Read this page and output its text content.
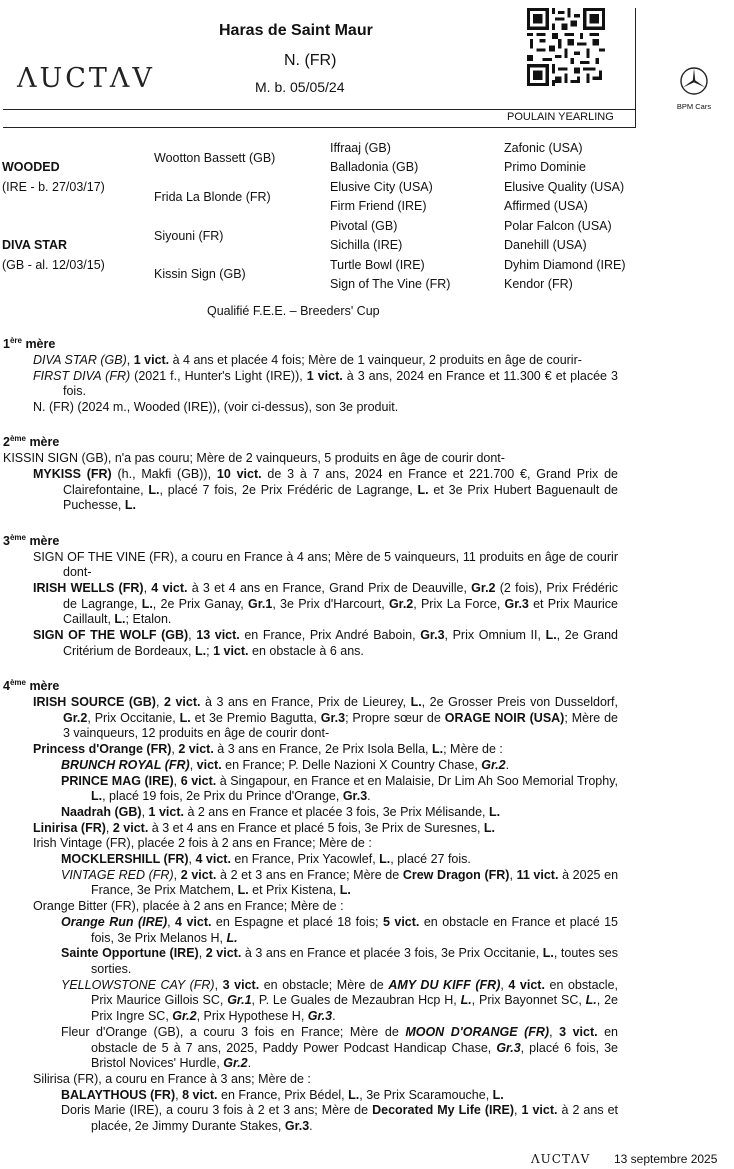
Haras de Saint Maur
N. (FR)
M. b. 05/05/24
ΛUCTΛV
POULAIN YEARLING
BPM Cars
WOODED
(IRE - b. 27/03/17)
DIVA STAR
(GB - al. 12/03/15)
Wootton Bassett (GB)
Frida La Blonde (FR)
Siyouni (FR)
Kissin Sign (GB)
Iffraaj (GB)
Balladonia (GB)
Elusive City (USA)
Firm Friend (IRE)
Pivotal (GB)
Sichilla (IRE)
Turtle Bowl (IRE)
Sign of The Vine (FR)
Zafonic (USA)
Primo Dominie
Elusive Quality (USA)
Affirmed (USA)
Polar Falcon (USA)
Danehill (USA)
Dyhim Diamond (IRE)
Kendor (FR)
Qualifié F.E.E. – Breeders' Cup
1ère mère

DIVA STAR (GB), 1 vict. à 4 ans et placée 4 fois; Mère de 1 vainqueur, 2 produits en âge de courir-

FIRST DIVA (FR) (2021 f., Hunter's Light (IRE)), 1 vict. à 3 ans, 2024 en France et 11.300 € et placée 3 fois.

N. (FR) (2024 m., Wooded (IRE)), (voir ci-dessus), son 3e produit.

2ème mère

KISSIN SIGN (GB), n'a pas couru; Mère de 2 vainqueurs, 5 produits en âge de courir dont-

MYKISS (FR) (h., Makfi (GB)), 10 vict. de 3 à 7 ans, 2024 en France et 221.700 €, Grand Prix de Clairefontaine, L., placé 7 fois, 2e Prix Frédéric de Lagrange, L. et 3e Prix Hubert Baguenault de Puchesse, L.

3ème mère

SIGN OF THE VINE (FR), a couru en France à 4 ans; Mère de 5 vainqueurs, 11 produits en âge de courir dont-

IRISH WELLS (FR), 4 vict. à 3 et 4 ans en France, Grand Prix de Deauville, Gr.2 (2 fois), Prix Frédéric de Lagrange, L., 2e Prix Ganay, Gr.1, 3e Prix d'Harcourt, Gr.2, Prix La Force, Gr.3 et Prix Maurice Caillault, L.; Etalon.

SIGN OF THE WOLF (GB), 13 vict. en France, Prix André Baboin, Gr.3, Prix Omnium II, L., 2e Grand Critérium de Bordeaux, L.; 1 vict. en obstacle à 6 ans.

4ème mère

IRISH SOURCE (GB), 2 vict. à 3 ans en France, Prix de Lieurey, L., 2e Grosser Preis von Dusseldorf, Gr.2, Prix Occitanie, L. et 3e Premio Bagutta, Gr.3; Propre sœur de ORAGE NOIR (USA); Mère de 3 vainqueurs, 12 produits en âge de courir dont-

Princess d'Orange (FR), 2 vict. à 3 ans en France, 2e Prix Isola Bella, L.; Mère de :

BRUNCH ROYAL (FR), vict. en France; P. Delle Nazioni X Country Chase, Gr.2.

PRINCE MAG (IRE), 6 vict. à Singapour, en France et en Malaisie, Dr Lim Ah Soo Memorial Trophy, L., placé 19 fois, 2e Prix du Prince d'Orange, Gr.3.

Naadrah (GB), 1 vict. à 2 ans en France et placée 3 fois, 3e Prix Mélisande, L.

Linirisa (FR), 2 vict. à 3 et 4 ans en France et placé 5 fois, 3e Prix de Suresnes, L.

Irish Vintage (FR), placée 2 fois à 2 ans en France; Mère de :

MOCKLERSHILL (FR), 4 vict. en France, Prix Yacowlef, L., placé 27 fois.

VINTAGE RED (FR), 2 vict. à 2 et 3 ans en France; Mère de Crew Dragon (FR), 11 vict. à 2025 en France, 3e Prix Matchem, L. et Prix Kistena, L.

Orange Bitter (FR), placée à 2 ans en France; Mère de :

Orange Run (IRE), 4 vict. en Espagne et placé 18 fois; 5 vict. en obstacle en France et placé 15 fois, 3e Prix Melanos H, L.

Sainte Opportune (IRE), 2 vict. à 3 ans en France et placée 3 fois, 3e Prix Occitanie, L., toutes ses sorties.

YELLOWSTONE CAY (FR), 3 vict. en obstacle; Mère de AMY DU KIFF (FR), 4 vict. en obstacle, Prix Maurice Gillois SC, Gr.1, P. Le Guales de Mezaubran Hcp H, L., Prix Bayonnet SC, L., 2e Prix Ingre SC, Gr.2, Prix Hypothese H, Gr.3.

Fleur d'Orange (GB), a couru 3 fois en France; Mère de MOON D'ORANGE (FR), 3 vict. en obstacle de 5 à 7 ans, 2025, Paddy Power Podcast Handicap Chase, Gr.3, placé 6 fois, 3e Bristol Novices' Hurdle, Gr.2.

Silirisa (FR), a couru en France à 3 ans; Mère de :

BALAYTHOUS (FR), 8 vict. en France, Prix Bédel, L., 3e Prix Scaramouche, L.

Doris Marie (IRE), a couru 3 fois à 2 et 3 ans; Mère de Decorated My Life (IRE), 1 vict. à 2 ans et placée, 2e Jimmy Durante Stakes, Gr.3.

ΛUCTΛV 13 septembre 2025
